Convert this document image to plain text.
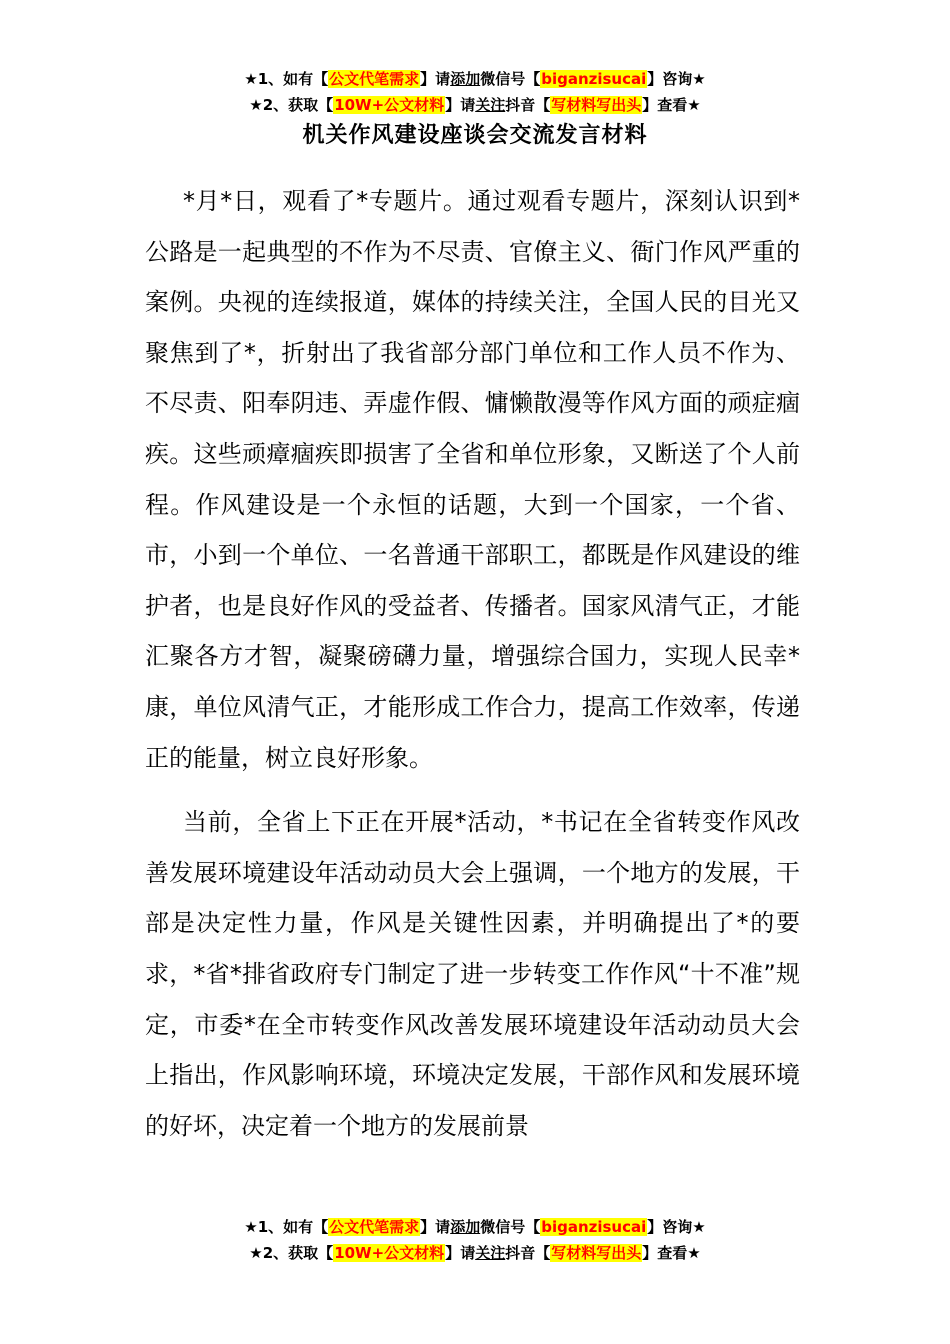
★1、如有【公文代笔需求】请添加微信号【biganzisucai】咨询★
★2、获取【10W+公文材料】请关注抖音【写材料写出头】查看★
机关作风建设座谈会交流发言材料

*月*日，观看了*专题片。通过观看专题片，深刻认识到*公路是一起典型的不作为不尽责、官僚主义、衙门作风严重的案例。央视的连续报道，媒体的持续关注，全国人民的目光又聚焦到了*，折射出了我省部分部门单位和工作人员不作为、不尽责、阳奉阴违、弄虚作假、慵懒散漫等作风方面的顽症痼疾。这些顽瘴痼疾即损害了全省和单位形象，又断送了个人前程。作风建设是一个永恒的话题，大到一个国家，一个省、市，小到一个单位、一名普通干部职工，都既是作风建设的维护者，也是良好作风的受益者、传播者。国家风清气正，才能汇聚各方才智，凝聚磅礴力量，增强综合国力，实现人民幸*康，单位风清气正，才能形成工作合力，提高工作效率，传递正的能量，树立良好形象。

当前，全省上下正在开展*活动，*书记在全省转变作风改善发展环境建设年活动动员大会上强调，一个地方的发展，干部是决定性力量，作风是关键性因素，并明确提出了*的要求，*省*排省政府专门制定了进一步转变工作作风“十不准”规定，市委*在全市转变作风改善发展环境建设年活动动员大会上指出，作风影响环境，环境决定发展，干部作风和发展环境的好坏，决定着一个地方的发展前景

★1、如有【公文代笔需求】请添加微信号【biganzisucai】咨询★
★2、获取【10W+公文材料】请关注抖音【写材料写出头】查看★
